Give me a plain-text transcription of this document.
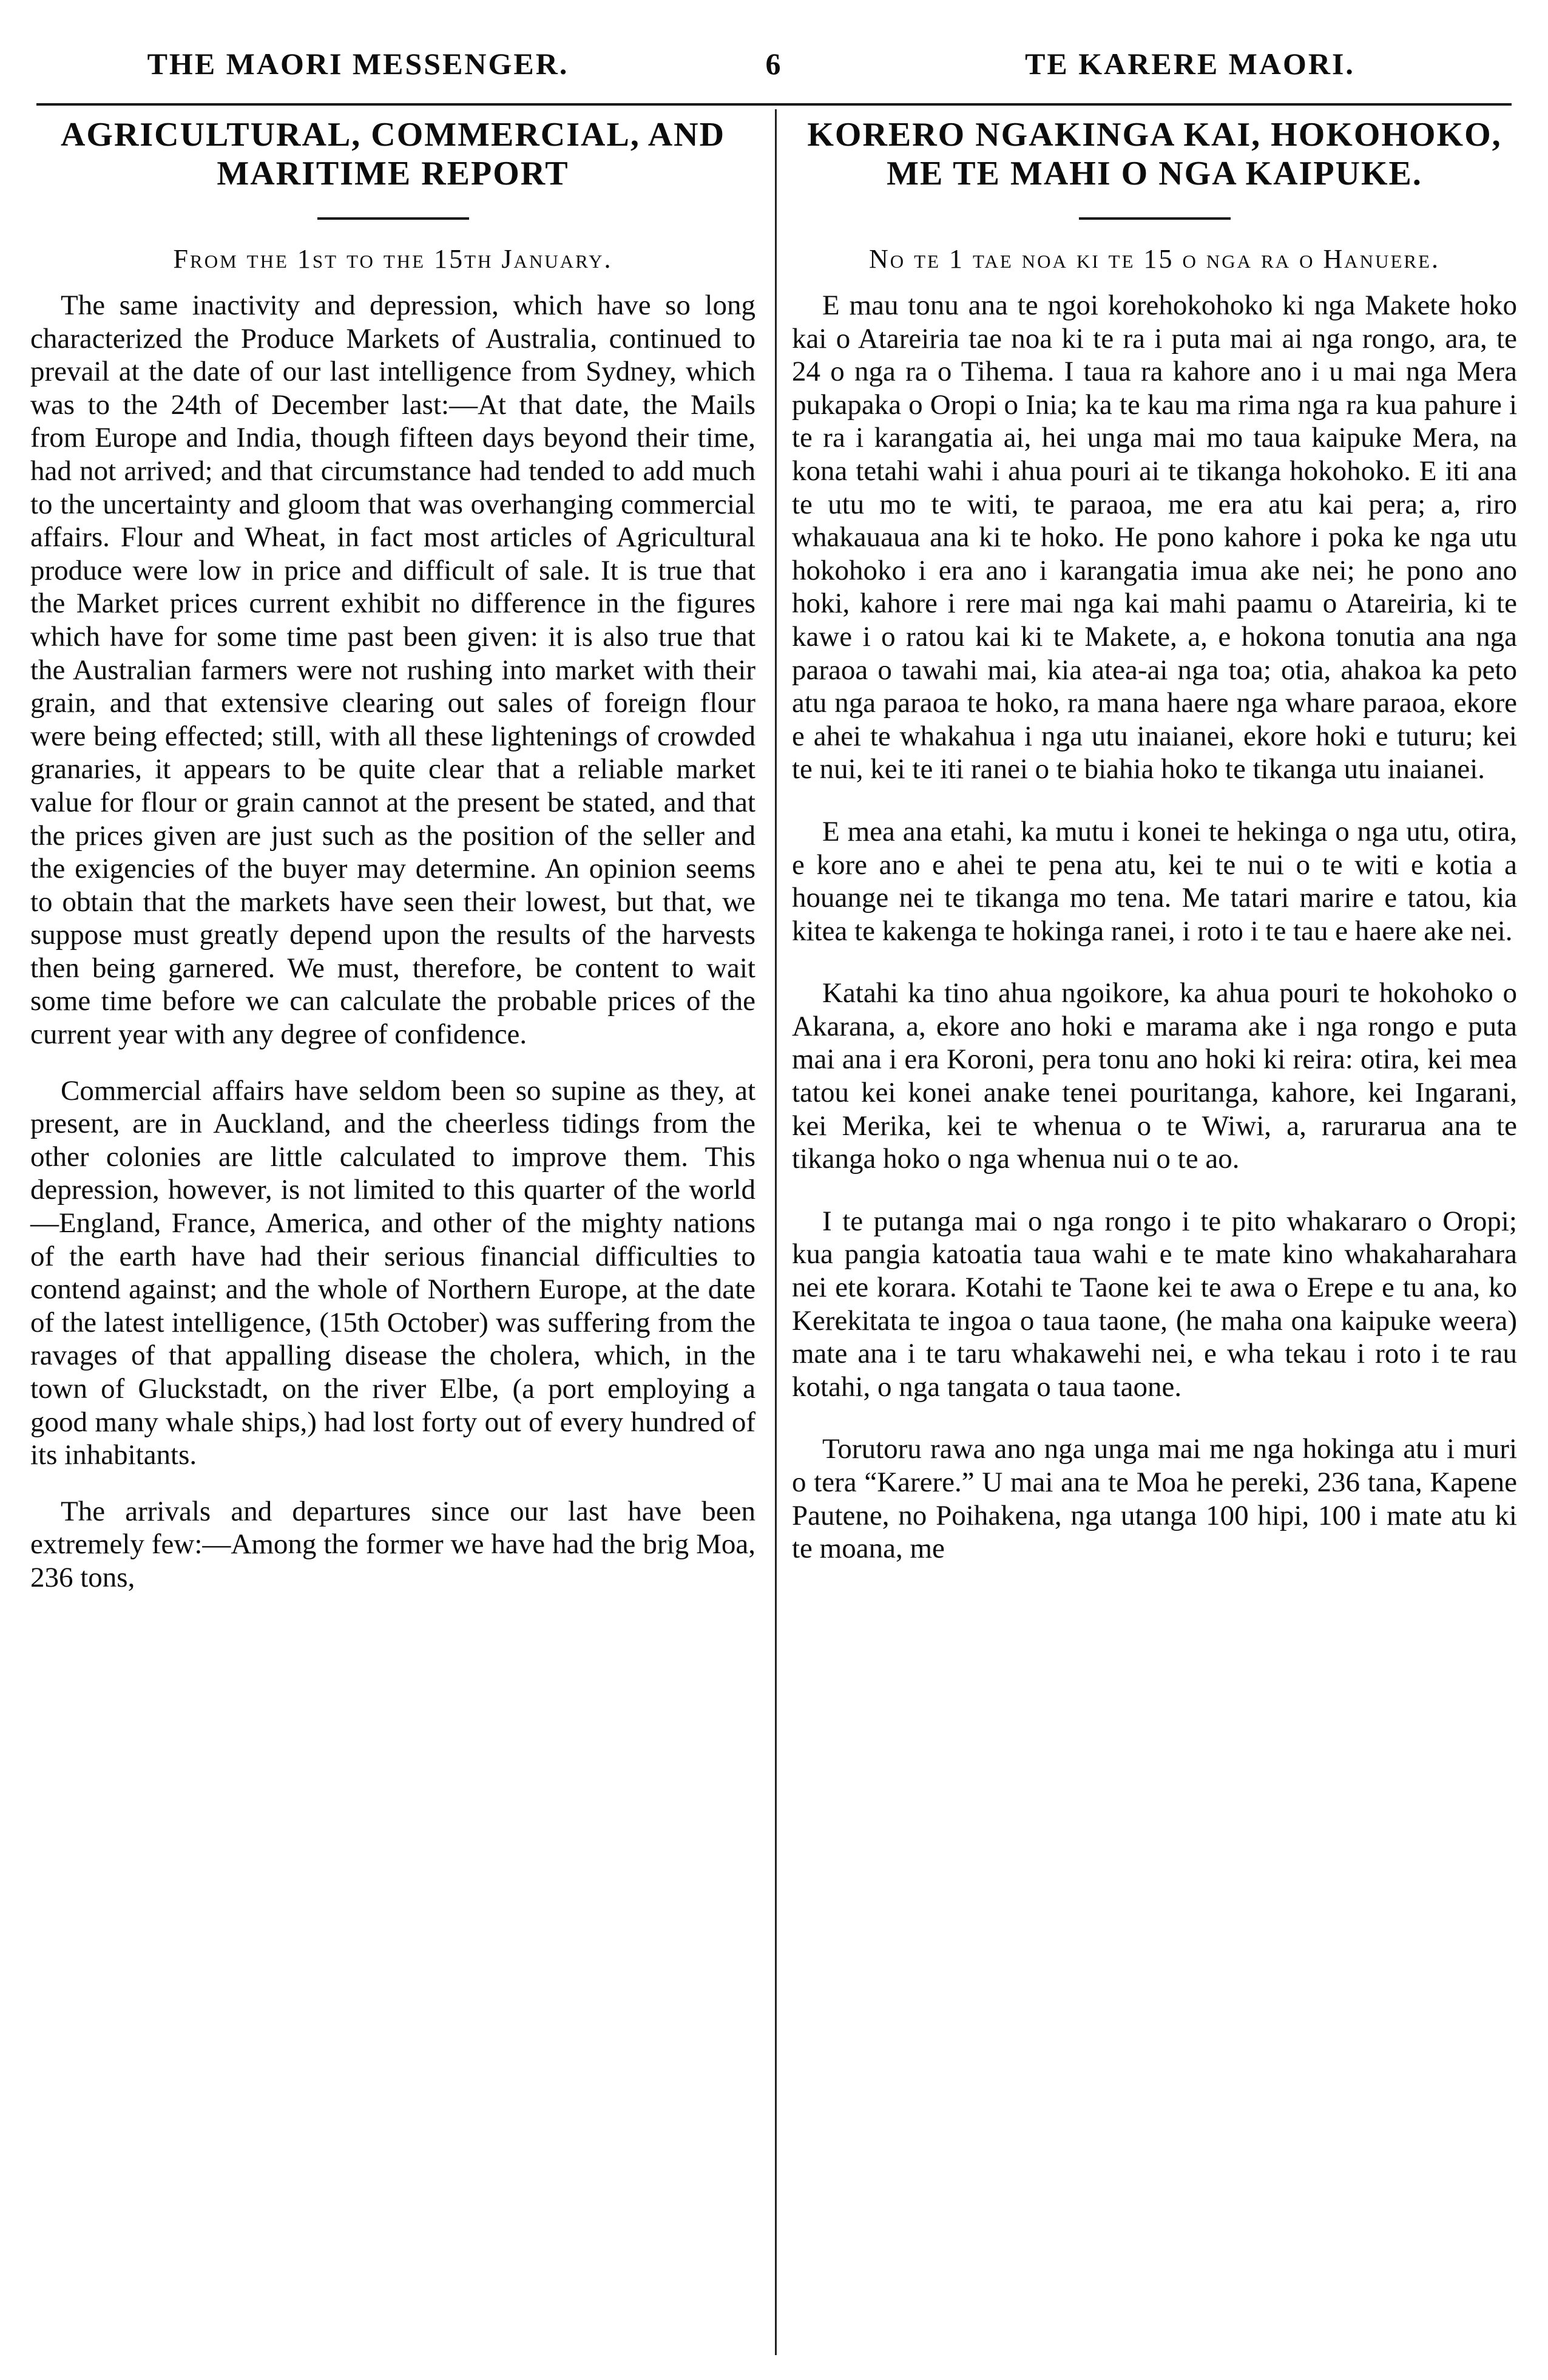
THE MAORI MESSENGER.	6	TE KARERE MAORI.
AGRICULTURAL, COMMERCIAL, AND
MARITIME REPORT
From the 1st to the 15th January.

The same inactivity and depression, which have so long characterized the Produce Markets of Australia, continued to prevail at the date of our last intelligence from Sydney, which was to the 24th of December last:—At that date, the Mails from Europe and India, though fifteen days beyond their time, had not arrived; and that circumstance had tended to add much to the uncertainty and gloom that was overhanging commercial affairs. Flour and Wheat, in fact most articles of Agricultural produce were low in price and difficult of sale. It is true that the Market prices current exhibit no difference in the figures which have for some time past been given: it is also true that the Australian farmers were not rushing into market with their grain, and that extensive clearing out sales of foreign flour were being effected; still, with all these lightenings of crowded granaries, it appears to be quite clear that a reliable market value for flour or grain cannot at the present be stated, and that the prices given are just such as the position of the seller and the exigencies of the buyer may determine. An opinion seems to obtain that the markets have seen their lowest, but that, we suppose must greatly depend upon the results of the harvests then being garnered. We must, therefore, be content to wait some time before we can calculate the probable prices of the current year with any degree of confidence.

Commercial affairs have seldom been so supine as they, at present, are in Auckland, and the cheerless tidings from the other colonies are little calculated to improve them. This depression, however, is not limited to this quarter of the world—England, France, America, and other of the mighty nations of the earth have had their serious financial difficulties to contend against; and the whole of Northern Europe, at the date of the latest intelligence, (15th October) was suffering from the ravages of that appalling disease the cholera, which, in the town of Gluckstadt, on the river Elbe, (a port employing a good many whale ships,) had lost forty out of every hundred of its inhabitants.

The arrivals and departures since our last have been extremely few:—Among the former we have had the brig Moa, 236 tons,

KORERO NGAKINGA KAI, HOKOHOKO,
ME TE MAHI O NGA KAIPUKE.
No te 1 tae noa ki te 15 o nga ra o Hanuere.

E mau tonu ana te ngoi korehokohoko ki nga Makete hoko kai o Atareiria tae noa ki te ra i puta mai ai nga rongo, ara, te 24 o nga ra o Tihema. I taua ra kahore ano i u mai nga Mera pukapaka o Oropi o Inia; ka te kau ma rima nga ra kua pahure i te ra i karangatia ai, hei unga mai mo taua kaipuke Mera, na kona tetahi wahi i ahua pouri ai te tikanga hokohoko. E iti ana te utu mo te witi, te paraoa, me era atu kai pera; a, riro whakauaua ana ki te hoko. He pono kahore i poka ke nga utu hokohoko i era ano i karangatia imua ake nei; he pono ano hoki, kahore i rere mai nga kai mahi paamu o Atareiria, ki te kawe i o ratou kai ki te Makete, a, e hokona tonutia ana nga paraoa o tawahi mai, kia atea-ai nga toa; otia, ahakoa ka peto atu nga paraoa te hoko, ra mana haere nga whare paraoa, ekore e ahei te whakahua i nga utu inaianei, ekore hoki e tuturu; kei te nui, kei te iti ranei o te biahia hoko te tikanga utu inaianei.

E mea ana etahi, ka mutu i konei te hekinga o nga utu, otira, e kore ano e ahei te pena atu, kei te nui o te witi e kotia a houange nei te tikanga mo tena. Me tatari marire e tatou, kia kitea te kakenga te hokinga ranei, i roto i te tau e haere ake nei.

Katahi ka tino ahua ngoikore, ka ahua pouri te hokohoko o Akarana, a, ekore ano hoki e marama ake i nga rongo e puta mai ana i era Koroni, pera tonu ano hoki ki reira: otira, kei mea tatou kei konei anake tenei pouritanga, kahore, kei Ingarani, kei Merika, kei te whenua o te Wiwi, a, rarurarua ana te tikanga hoko o nga whenua nui o te ao.

I te putanga mai o nga rongo i te pito whakararo o Oropi; kua pangia katoatia taua wahi e te mate kino whakaharahara nei ete korara. Kotahi te Taone kei te awa o Erepe e tu ana, ko Kerekitata te ingoa o taua taone, (he maha ona kaipuke weera) mate ana i te taru whakawehi nei, e wha tekau i roto i te rau kotahi, o nga tangata o taua taone.

Torutoru rawa ano nga unga mai me nga hokinga atu i muri o tera “Karere.” U mai ana te Moa he pereki, 236 tana, Kapene Pautene, no Poihakena, nga utanga 100 hipi, 100 i mate atu ki te moana, me
